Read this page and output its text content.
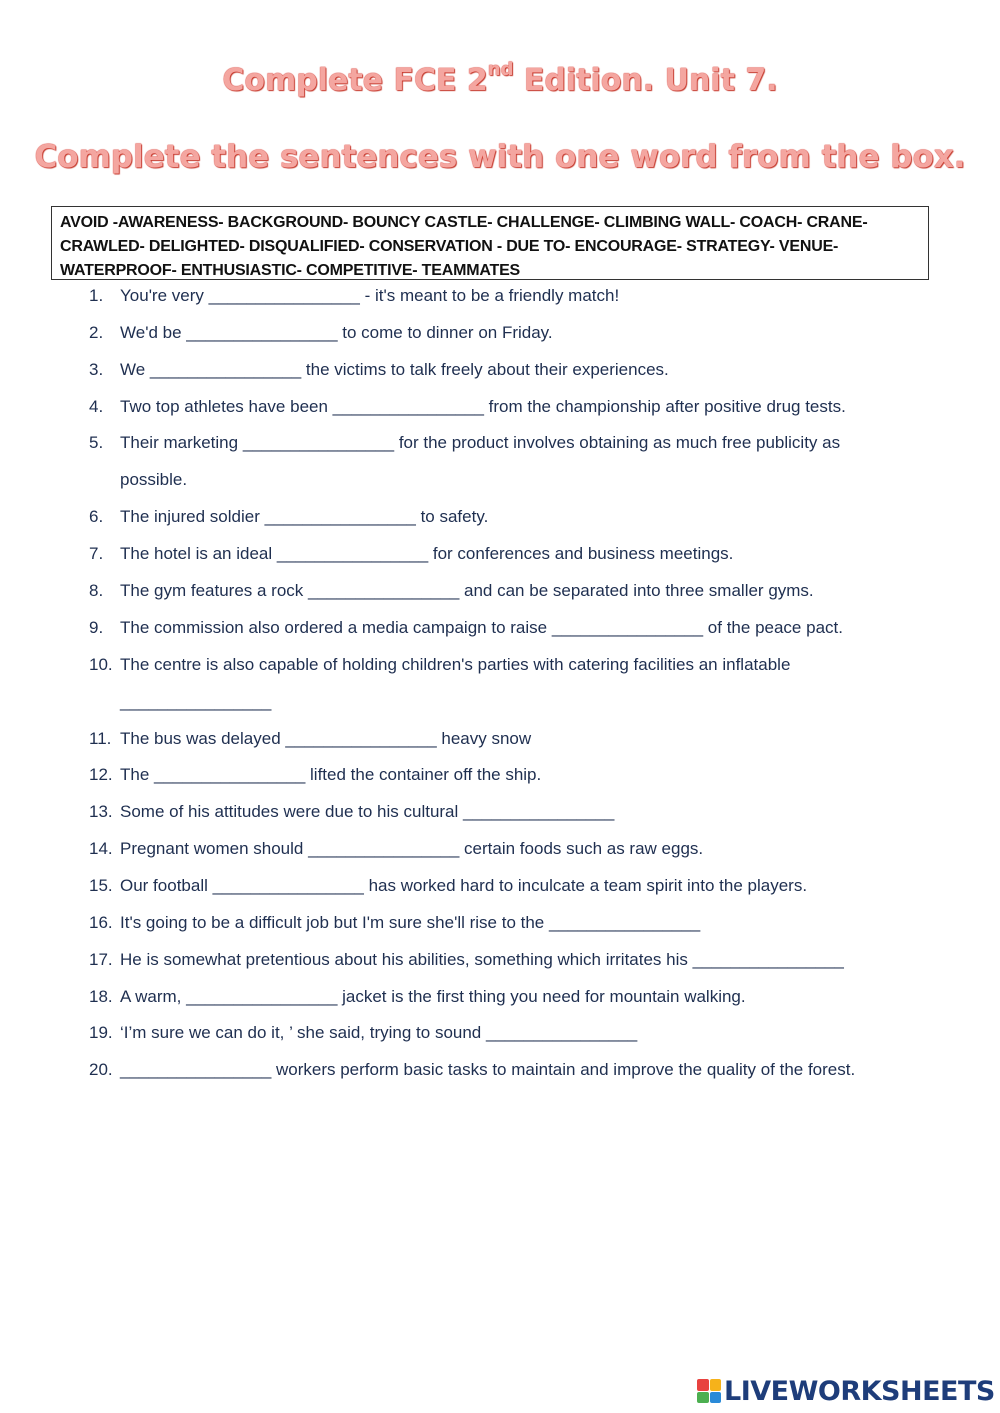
Complete FCE 2nd Edition. Unit 7.
Complete the sentences with one word from the box.
AVOID -AWARENESS- BACKGROUND- BOUNCY CASTLE- CHALLENGE- CLIMBING WALL- COACH- CRANE-
CRAWLED- DELIGHTED- DISQUALIFIED- CONSERVATION - DUE TO- ENCOURAGE- STRATEGY- VENUE-
WATERPROOF- ENTHUSIASTIC- COMPETITIVE- TEAMMATES
1. You're very ________________ - it's meant to be a friendly match!
2. We'd be ________________ to come to dinner on Friday.
3. We ________________ the victims to talk freely about their experiences.
4. Two top athletes have been ________________ from the championship after positive drug tests.
5. Their marketing ________________ for the product involves obtaining as much free publicity as
possible.
6. The injured soldier ________________ to safety.
7. The hotel is an ideal ________________ for conferences and business meetings.
8. The gym features a rock ________________ and can be separated into three smaller gyms.
9. The commission also ordered a media campaign to raise ________________ of the peace pact.
10. The centre is also capable of holding children's parties with catering facilities an inflatable
________________
11. The bus was delayed ________________ heavy snow
12. The ________________ lifted the container off the ship.
13. Some of his attitudes were due to his cultural ________________
14. Pregnant women should ________________ certain foods such as raw eggs.
15. Our football ________________ has worked hard to inculcate a team spirit into the players.
16. It's going to be a difficult job but I'm sure she'll rise to the ________________
17. He is somewhat pretentious about his abilities, something which irritates his ________________
18. A warm, ________________ jacket is the first thing you need for mountain walking.
19. ‘I’m sure we can do it, ’ she said, trying to sound ________________
20. ________________ workers perform basic tasks to maintain and improve the quality of the forest.
LIVEWORKSHEETS
